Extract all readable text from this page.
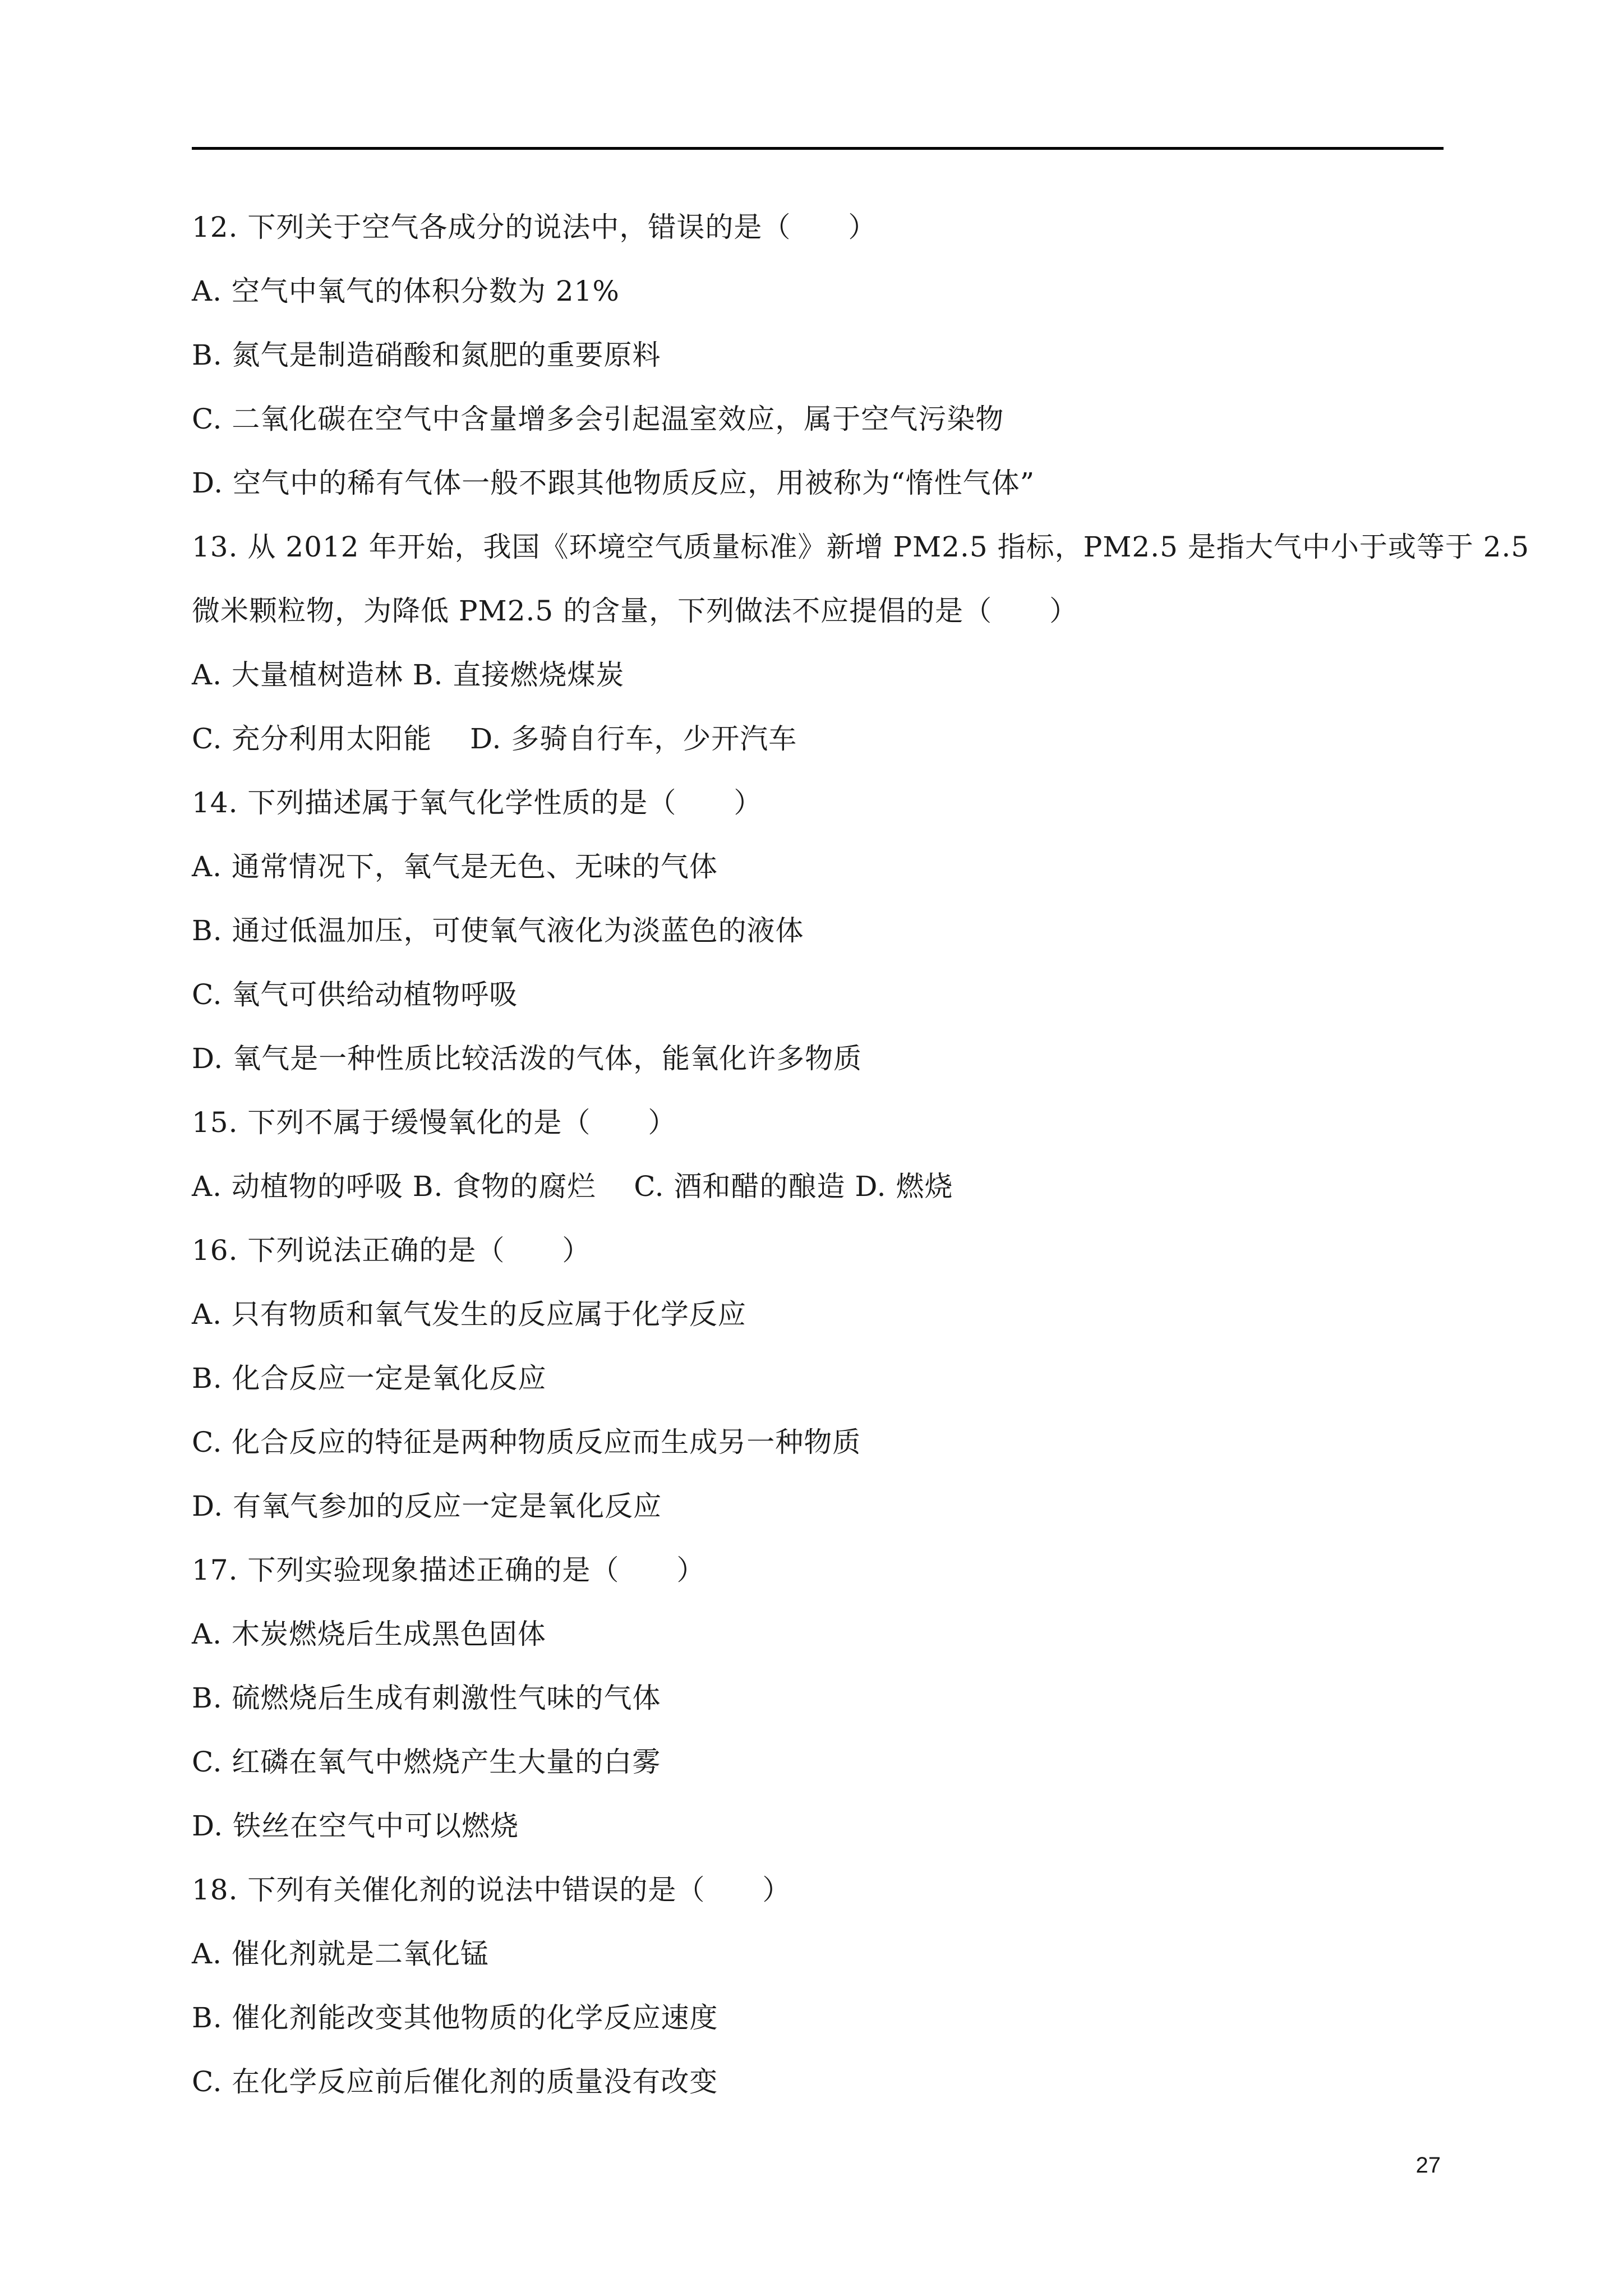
12. 下列关于空气各成分的说法中，错误的是（　　）
A. 空气中氧气的体积分数为 21%
B. 氮气是制造硝酸和氮肥的重要原料
C. 二氧化碳在空气中含量增多会引起温室效应，属于空气污染物
D. 空气中的稀有气体一般不跟其他物质反应，用被称为“惰性气体”
13. 从 2012 年开始，我国《环境空气质量标准》新增 PM2.5 指标，PM2.5 是指大气中小于或等于 2.5
微米颗粒物，为降低 PM2.5 的含量，下列做法不应提倡的是（　　）
A. 大量植树造林 B. 直接燃烧煤炭
C. 充分利用太阳能　 D. 多骑自行车，少开汽车
14. 下列描述属于氧气化学性质的是（　　）
A. 通常情况下，氧气是无色、无味的气体
B. 通过低温加压，可使氧气液化为淡蓝色的液体
C. 氧气可供给动植物呼吸
D. 氧气是一种性质比较活泼的气体，能氧化许多物质
15. 下列不属于缓慢氧化的是（　　）
A. 动植物的呼吸 B. 食物的腐烂　 C. 酒和醋的酿造 D. 燃烧
16. 下列说法正确的是（　　）
A. 只有物质和氧气发生的反应属于化学反应
B. 化合反应一定是氧化反应
C. 化合反应的特征是两种物质反应而生成另一种物质
D. 有氧气参加的反应一定是氧化反应
17. 下列实验现象描述正确的是（　　）
A. 木炭燃烧后生成黑色固体
B. 硫燃烧后生成有刺激性气味的气体
C. 红磷在氧气中燃烧产生大量的白雾
D. 铁丝在空气中可以燃烧
18. 下列有关催化剂的说法中错误的是（　　）
A. 催化剂就是二氧化锰
B. 催化剂能改变其他物质的化学反应速度
C. 在化学反应前后催化剂的质量没有改变
27
